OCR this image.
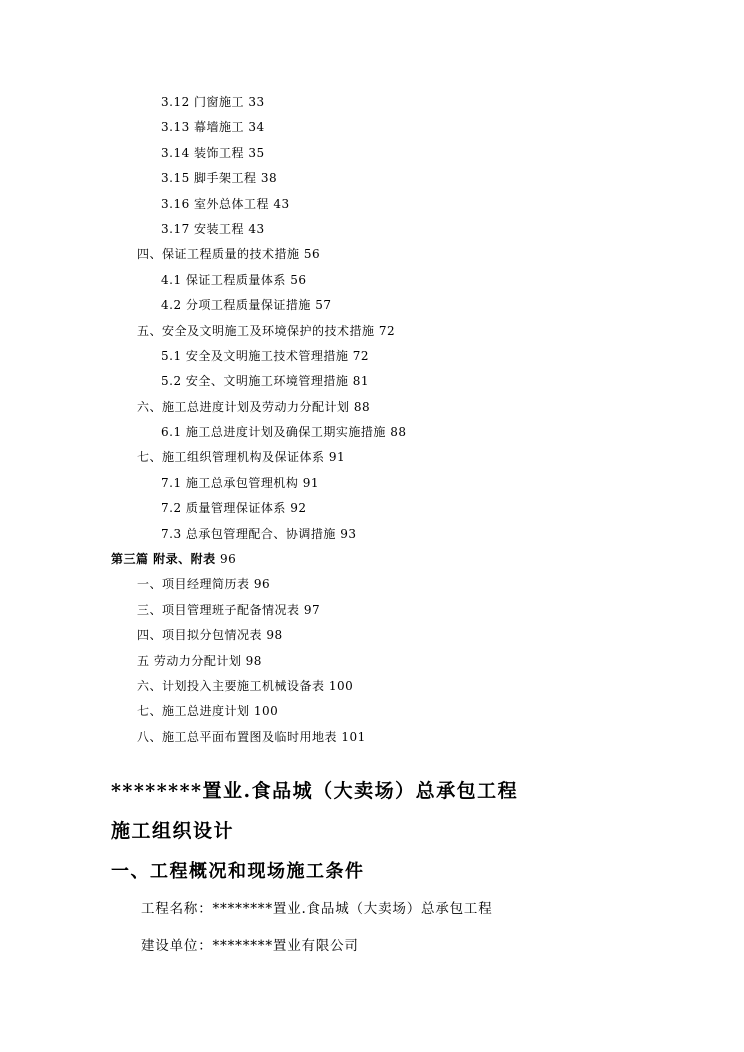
3.12 门窗施工 33
3.13 幕墙施工 34
3.14 装饰工程 35
3.15 脚手架工程 38
3.16 室外总体工程 43
3.17 安装工程 43
四、保证工程质量的技术措施 56
4.1 保证工程质量体系 56
4.2 分项工程质量保证措施 57
五、安全及文明施工及环境保护的技术措施 72
5.1 安全及文明施工技术管理措施 72
5.2 安全、文明施工环境管理措施 81
六、施工总进度计划及劳动力分配计划 88
6.1 施工总进度计划及确保工期实施措施 88
七、施工组织管理机构及保证体系 91
7.1 施工总承包管理机构 91
7.2 质量管理保证体系 92
7.3 总承包管理配合、协调措施 93
第三篇 附录、附表 96
一、项目经理简历表 96
三、项目管理班子配备情况表 97
四、项目拟分包情况表 98
五 劳动力分配计划 98
六、计划投入主要施工机械设备表 100
七、施工总进度计划 100
八、施工总平面布置图及临时用地表 101
********置业.食品城（大卖场）总承包工程
施工组织设计
一、工程概况和现场施工条件
工程名称：********置业.食品城（大卖场）总承包工程
建设单位：********置业有限公司
